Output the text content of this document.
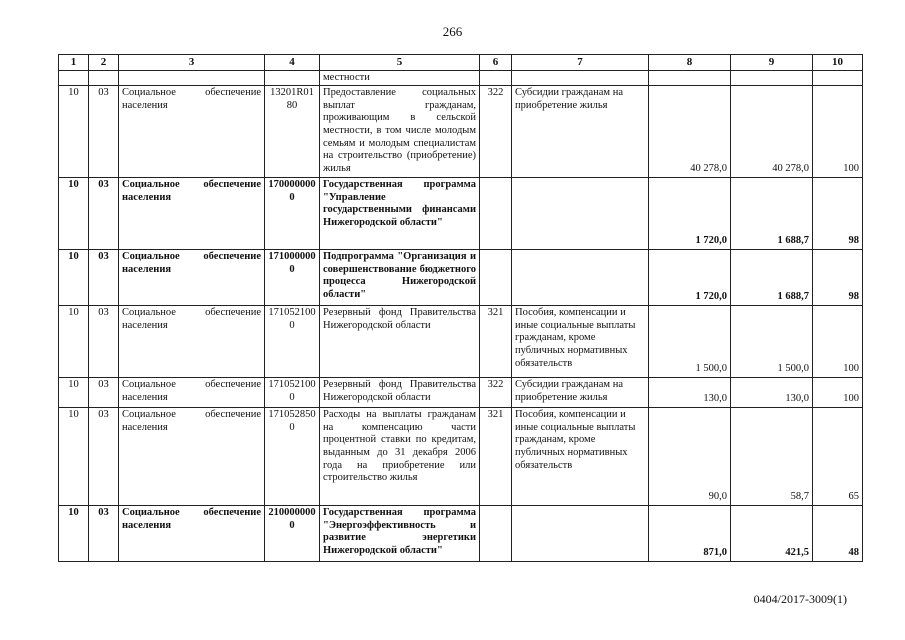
266
1	2	3	4	5	6	7	8	9	10
				местности					
10	03	Социальное обеспечение
населения	13201R0180	Предоставление социальных выплат гражданам, проживающим в сельской местности, в том числе молодым семьям и молодым специалистам на строительство (приобретение) жилья	322	Субсидии гражданам на приобретение жилья	40 278,0	40 278,0	100
10	03	Социальное обеспечение
населения	1700000000	Государственная программа "Управление государственными финансами Нижегородской области"			1 720,0	1 688,7	98
10	03	Социальное обеспечение
населения	1710000000	Подпрограмма "Организация и совершенствование бюджетного процесса Нижегородской области"			1 720,0	1 688,7	98
10	03	Социальное обеспечение
населения	1710521000	Резервный фонд Правительства Нижегородской области	321	Пособия, компенсации и иные социальные выплаты гражданам, кроме публичных нормативных обязательств	1 500,0	1 500,0	100
10	03	Социальное обеспечение
населения	1710521000	Резервный фонд Правительства Нижегородской области	322	Субсидии гражданам на приобретение жилья	130,0	130,0	100
10	03	Социальное обеспечение
населения	1710528500	Расходы на выплаты гражданам на компенсацию части процентной ставки по кредитам, выданным до 31 декабря 2006 года на приобретение или строительство жилья	321	Пособия, компенсации и иные социальные выплаты гражданам, кроме публичных нормативных обязательств	90,0	58,7	65
10	03	Социальное обеспечение
населения	2100000000	Государственная программа "Энергоэффективность и развитие энергетики Нижегородской области"			871,0	421,5	48
0404/2017-3009(1)
